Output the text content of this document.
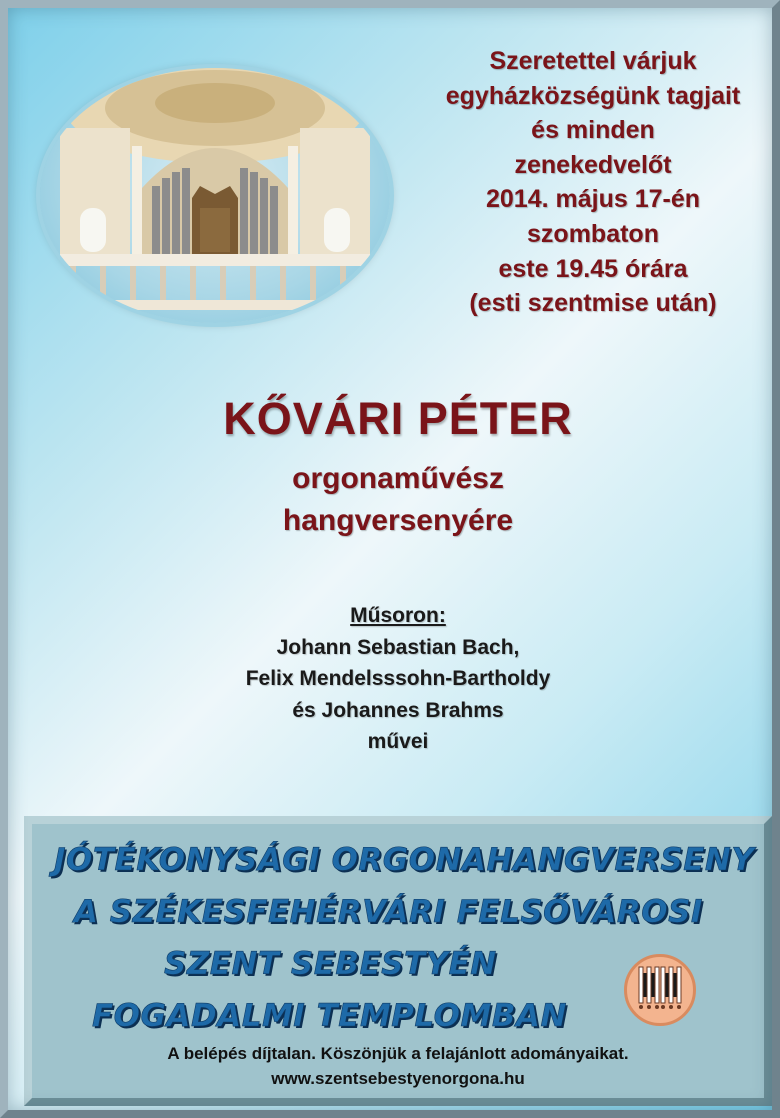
Szeretettel várjuk
egyházközségünk tagjait
és minden
zenekedvelőt
2014. május 17-én
szombaton
este 19.45 órára
(esti szentmise után)
KŐVÁRI PÉTER
orgonaművész
hangversenyére
Műsoron:
Johann Sebastian Bach,
Felix Mendelsssohn-Bartholdy
és Johannes Brahms
művei
JÓTÉKONYSÁGI ORGONAHANGVERSENY
A SZÉKESFEHÉRVÁRI FELSŐVÁROSI
SZENT SEBESTYÉN
FOGADALMI TEMPLOMBAN
A belépés díjtalan. Köszönjük a felajánlott adományaikat.
www.szentsebestyenorgona.hu
